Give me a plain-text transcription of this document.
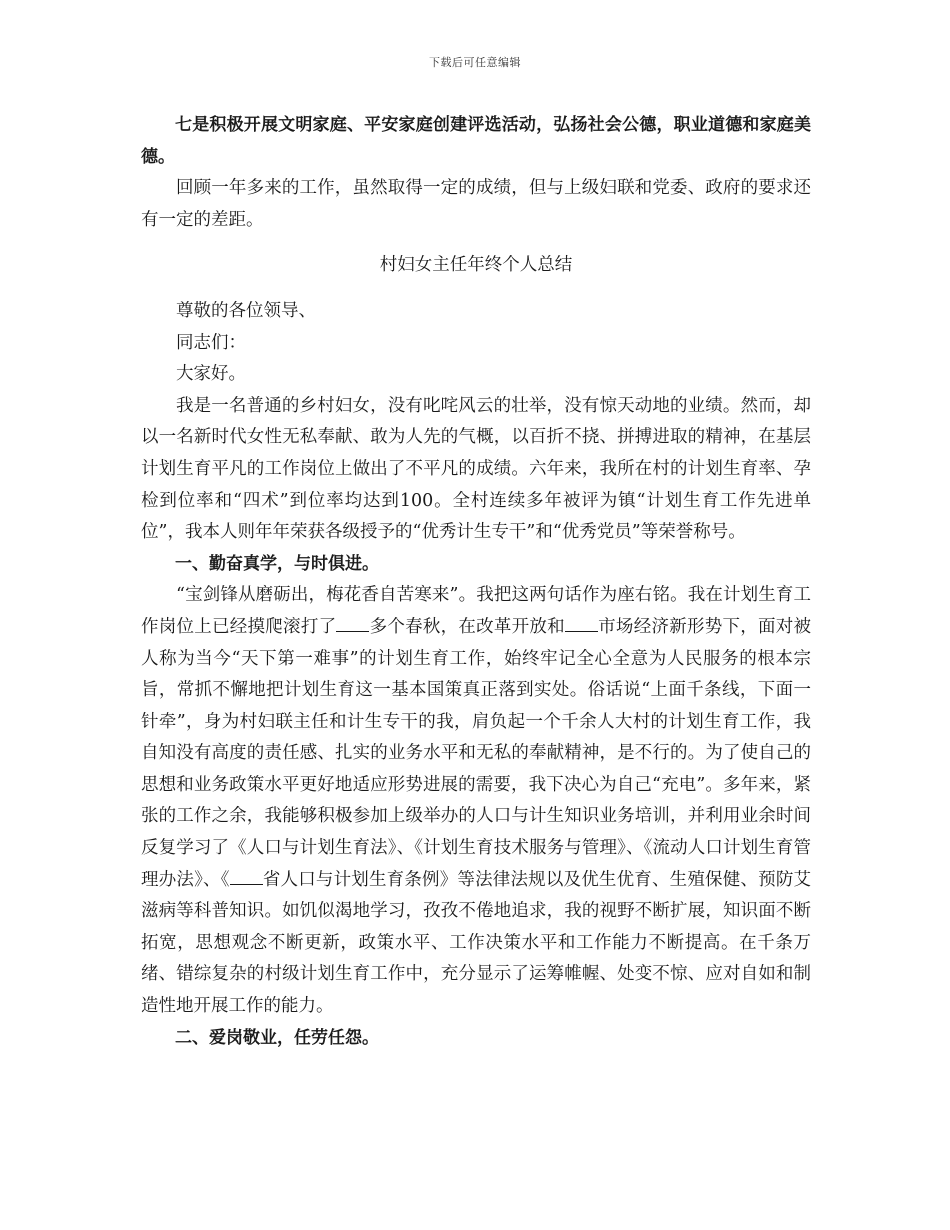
下载后可任意编辑

七是积极开展文明家庭、平安家庭创建评选活动，弘扬社会公德，职业道德和家庭美德。

回顾一年多来的工作，虽然取得一定的成绩，但与上级妇联和党委、政府的要求还有一定的差距。

村妇女主任年终个人总结

尊敬的各位领导、

同志们：

大家好。

我是一名普通的乡村妇女，没有叱咤风云的壮举，没有惊天动地的业绩。然而，却以一名新时代女性无私奉献、敢为人先的气概，以百折不挠、拼搏进取的精神，在基层计划生育平凡的工作岗位上做出了不平凡的成绩。六年来，我所在村的计划生育率、孕检到位率和“四术”到位率均达到100。全村连续多年被评为镇“计划生育工作先进单位”，我本人则年年荣获各级授予的“优秀计生专干”和“优秀党员”等荣誉称号。

一、勤奋真学，与时俱进。

“宝剑锋从磨砺出，梅花香自苦寒来”。我把这两句话作为座右铭。我在计划生育工作岗位上已经摸爬滚打了 多个春秋，在改革开放和 市场经济新形势下，面对被人称为当今“天下第一难事”的计划生育工作，始终牢记全心全意为人民服务的根本宗旨，常抓不懈地把计划生育这一基本国策真正落到实处。俗话说“上面千条线，下面一针牵”，身为村妇联主任和计生专干的我，肩负起一个千余人大村的计划生育工作，我自知没有高度的责任感、扎实的业务水平和无私的奉献精神，是不行的。为了使自己的思想和业务政策水平更好地适应形势进展的需要，我下决心为自己“充电”。多年来，紧张的工作之余，我能够积极参加上级举办的人口与计生知识业务培训，并利用业余时间反复学习了《人口与计划生育法》、《计划生育技术服务与管理》、《流动人口计划生育管理办法》、《 省人口与计划生育条例》等法律法规以及优生优育、生殖保健、预防艾滋病等科普知识。如饥似渴地学习，孜孜不倦地追求，我的视野不断扩展，知识面不断拓宽，思想观念不断更新，政策水平、工作决策水平和工作能力不断提高。在千条万绪、错综复杂的村级计划生育工作中，充分显示了运筹帷幄、处变不惊、应对自如和制造性地开展工作的能力。

二、爱岗敬业，任劳任怨。
